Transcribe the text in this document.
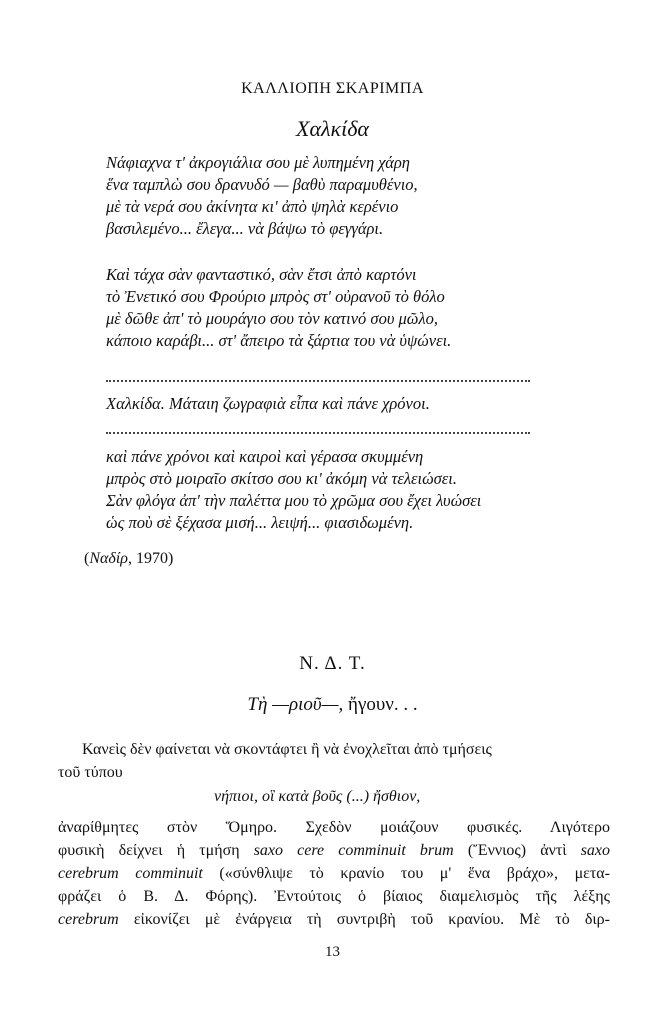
ΚΑΛΛΙΟΠΗ ΣΚΑΡΙΜΠΑ
Χαλκίδα
Νάφιαχνα τ' ἀκρογιάλια σου μὲ λυπημένη χάρη
ἕνα ταμπλὼ σου δρανυδό — βαθὺ παραμυθένιο,
μὲ τὰ νερά σου ἀκίνητα κι' ἀπὸ ψηλὰ κερένιο
βασιλεμένο... ἔλεγα... νὰ βάψω τὸ φεγγάρι.
Καὶ τάχα σὰν φανταστικό, σὰν ἔτσι ἀπὸ καρτόνι
τὸ Ἐνετικό σου Φρούριο μπρὸς στ' οὐρανοῦ τὸ θόλο
μὲ δῶθε ἀπ' τὸ μουράγιο σου τὸν κατινό σου μῶλο,
κάποιο καράβι... στ' ἄπειρο τὰ ξάρτια του νὰ ὑψώνει.
Χαλκίδα. Μάταιη ζωγραφιὰ εἶπα καὶ πάνε χρόνοι.
καὶ πάνε χρόνοι καὶ καιροὶ καὶ γέρασα σκυμμένη
μπρὸς στὸ μοιραῖο σκίτσο σου κι' ἀκόμη νὰ τελειώσει.
Σὰν φλόγα ἀπ' τὴν παλέττα μου τὸ χρῶμα σου ἔχει λυώσει
ὡς ποὺ σὲ ξέχασα μισή... λειψή... φιασιδωμένη.
(Ναδίρ, 1970)
Ν. Δ. Τ.
Τὴ —ριοῦ—, ἤγουν. . .
Κανεὶς δὲν φαίνεται νὰ σκοντάφτει ἢ νὰ ἐνοχλεῖται ἀπὸ τμήσεις
τοῦ τύπου
νήπιοι, οἳ κατὰ βοῦς (...) ἤσθιον,
ἀναρίθμητες στὸν Ὅμηρο. Σχεδὸν μοιάζουν φυσικές. Λιγότερο
φυσικὴ δείχνει ἡ τμήση saxo cere comminuit brum (Ἔννιος) ἀντὶ saxo
cerebrum comminuit («σύνθλιψε τὸ κρανίο του μ' ἕνα βράχο», μετα-
φράζει ὁ Β. Δ. Φόρης). Ἐντούτοις ὁ βίαιος διαμελισμὸς τῆς λέξης
cerebrum εἰκονίζει μὲ ἐνάργεια τὴ συντριβὴ τοῦ κρανίου. Μὲ τὸ διρ-
13
